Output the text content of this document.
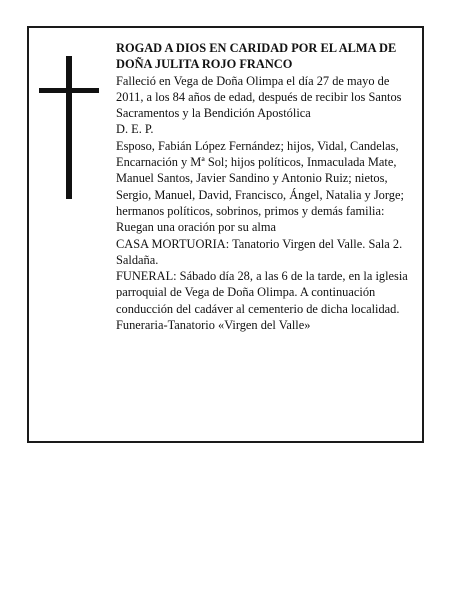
ROGAD A DIOS EN CARIDAD POR EL ALMA DE

DOÑA JULITA ROJO FRANCO

Falleció en Vega de Doña Olimpa el día 27 de mayo de 2011, a los 84 años de edad, después de recibir los Santos Sacramentos y la Bendición Apostólica

D. E. P.

Esposo, Fabián López Fernández; hijos, Vidal, Candelas, Encarnación y Mª Sol; hijos políticos, Inmaculada Mate, Manuel Santos, Javier Sandino y Antonio Ruiz; nietos, Sergio, Manuel, David, Francisco, Ángel, Natalia y Jorge; hermanos políticos, sobrinos, primos y demás familia:

Ruegan una oración por su alma

CASA MORTUORIA: Tanatorio Virgen del Valle. Sala 2. Saldaña.

FUNERAL: Sábado día 28, a las 6 de la tarde, en la iglesia parroquial de Vega de Doña Olimpa. A continuación conducción del cadáver al cementerio de dicha localidad.

Funeraria-Tanatorio «Virgen del Valle»
